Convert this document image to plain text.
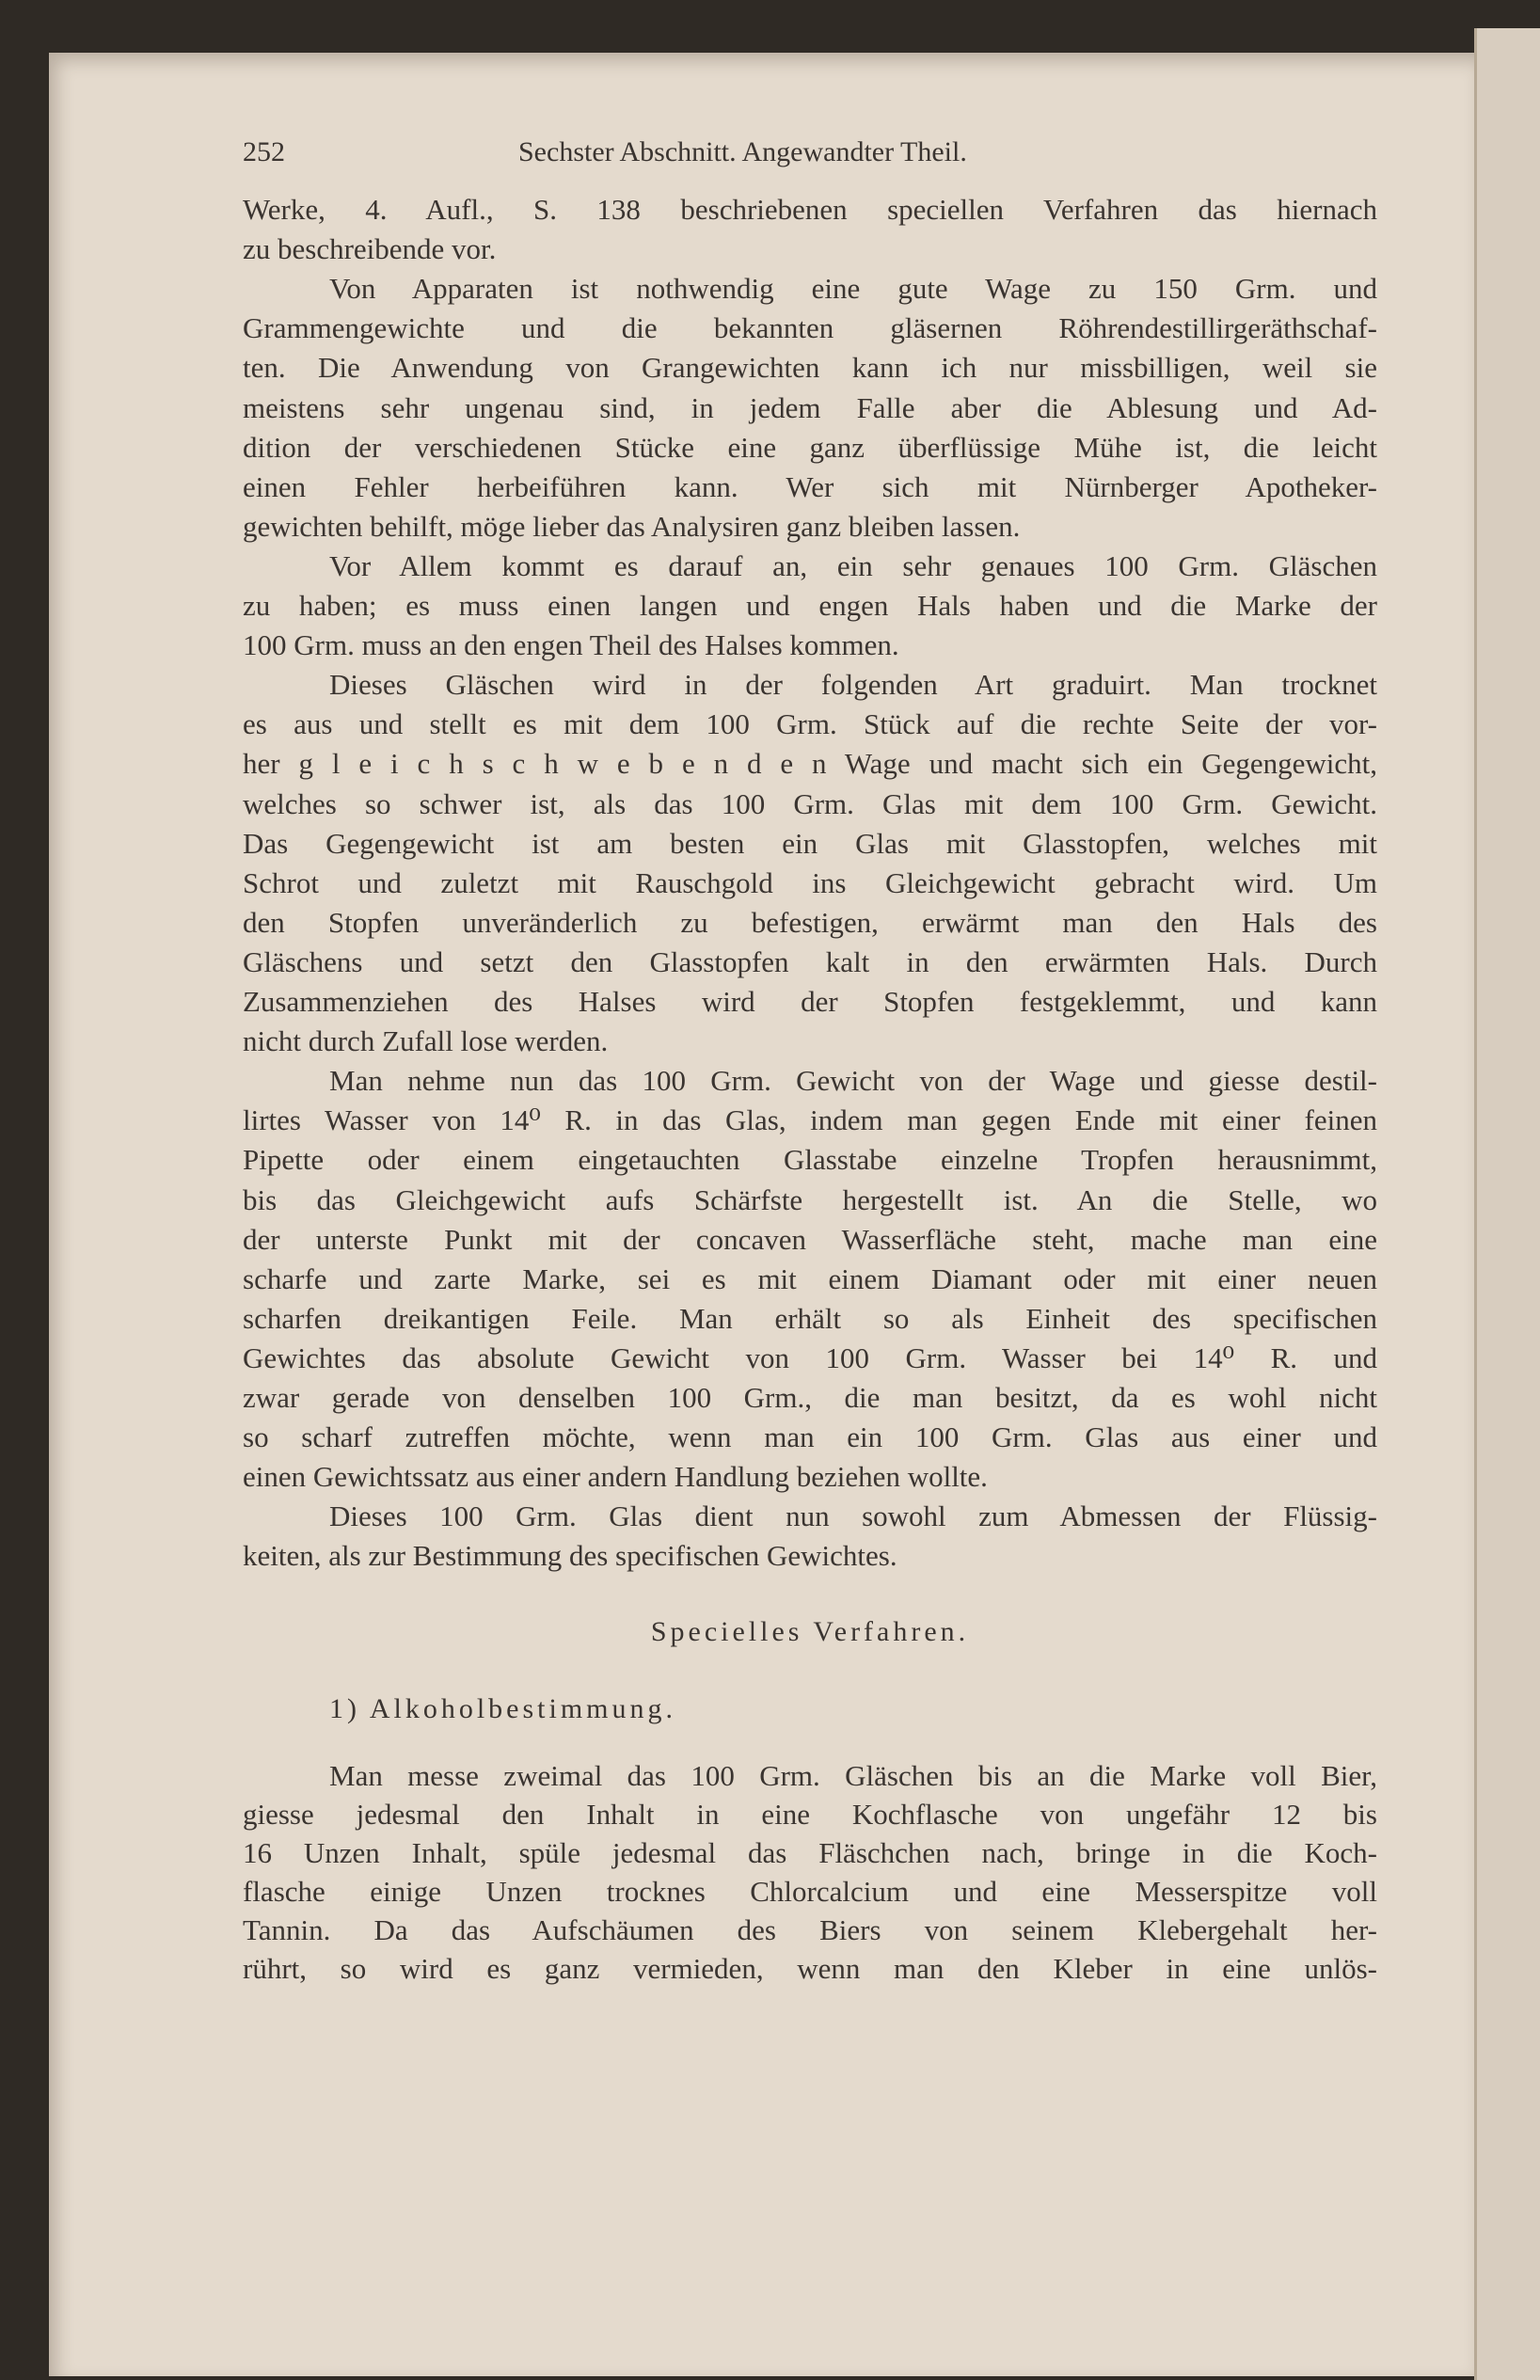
252	Sechster Abschnitt. Angewandter Theil.
Werke, 4. Aufl., S. 138 beschriebenen speciellen Verfahren das hiernach
zu beschreibende vor.
Von Apparaten ist nothwendig eine gute Wage zu 150 Grm. und
Grammengewichte und die bekannten gläsernen Röhrendestillirgeräthschaf-
ten. Die Anwendung von Grangewichten kann ich nur missbilligen, weil sie
meistens sehr ungenau sind, in jedem Falle aber die Ablesung und Ad-
dition der verschiedenen Stücke eine ganz überflüssige Mühe ist, die leicht
einen Fehler herbeiführen kann. Wer sich mit Nürnberger Apotheker-
gewichten behilft, möge lieber das Analysiren ganz bleiben lassen.
Vor Allem kommt es darauf an, ein sehr genaues 100 Grm. Gläschen
zu haben; es muss einen langen und engen Hals haben und die Marke der
100 Grm. muss an den engen Theil des Halses kommen.
Dieses Gläschen wird in der folgenden Art graduirt. Man trocknet
es aus und stellt es mit dem 100 Grm. Stück auf die rechte Seite der vor-
her g l e i c h s c h w e b e n d e n Wage und macht sich ein Gegengewicht,
welches so schwer ist, als das 100 Grm. Glas mit dem 100 Grm. Gewicht.
Das Gegengewicht ist am besten ein Glas mit Glasstopfen, welches mit
Schrot und zuletzt mit Rauschgold ins Gleichgewicht gebracht wird. Um
den Stopfen unveränderlich zu befestigen, erwärmt man den Hals des
Gläschens und setzt den Glasstopfen kalt in den erwärmten Hals. Durch
Zusammenziehen des Halses wird der Stopfen festgeklemmt, und kann
nicht durch Zufall lose werden.
Man nehme nun das 100 Grm. Gewicht von der Wage und giesse destil-
lirtes Wasser von 14⁰ R. in das Glas, indem man gegen Ende mit einer feinen
Pipette oder einem eingetauchten Glasstabe einzelne Tropfen herausnimmt,
bis das Gleichgewicht aufs Schärfste hergestellt ist. An die Stelle, wo
der unterste Punkt mit der concaven Wasserfläche steht, mache man eine
scharfe und zarte Marke, sei es mit einem Diamant oder mit einer neuen
scharfen dreikantigen Feile. Man erhält so als Einheit des specifischen
Gewichtes das absolute Gewicht von 100 Grm. Wasser bei 14⁰ R. und
zwar gerade von denselben 100 Grm., die man besitzt, da es wohl nicht
so scharf zutreffen möchte, wenn man ein 100 Grm. Glas aus einer und
einen Gewichtssatz aus einer andern Handlung beziehen wollte.
Dieses 100 Grm. Glas dient nun sowohl zum Abmessen der Flüssig-
keiten, als zur Bestimmung des specifischen Gewichtes.
Specielles Verfahren.
1) Alkoholbestimmung.
Man messe zweimal das 100 Grm. Gläschen bis an die Marke voll Bier,
giesse jedesmal den Inhalt in eine Kochflasche von ungefähr 12 bis
16 Unzen Inhalt, spüle jedesmal das Fläschchen nach, bringe in die Koch-
flasche einige Unzen trocknes Chlorcalcium und eine Messerspitze voll
Tannin. Da das Aufschäumen des Biers von seinem Klebergehalt her-
rührt, so wird es ganz vermieden, wenn man den Kleber in eine unlös-
